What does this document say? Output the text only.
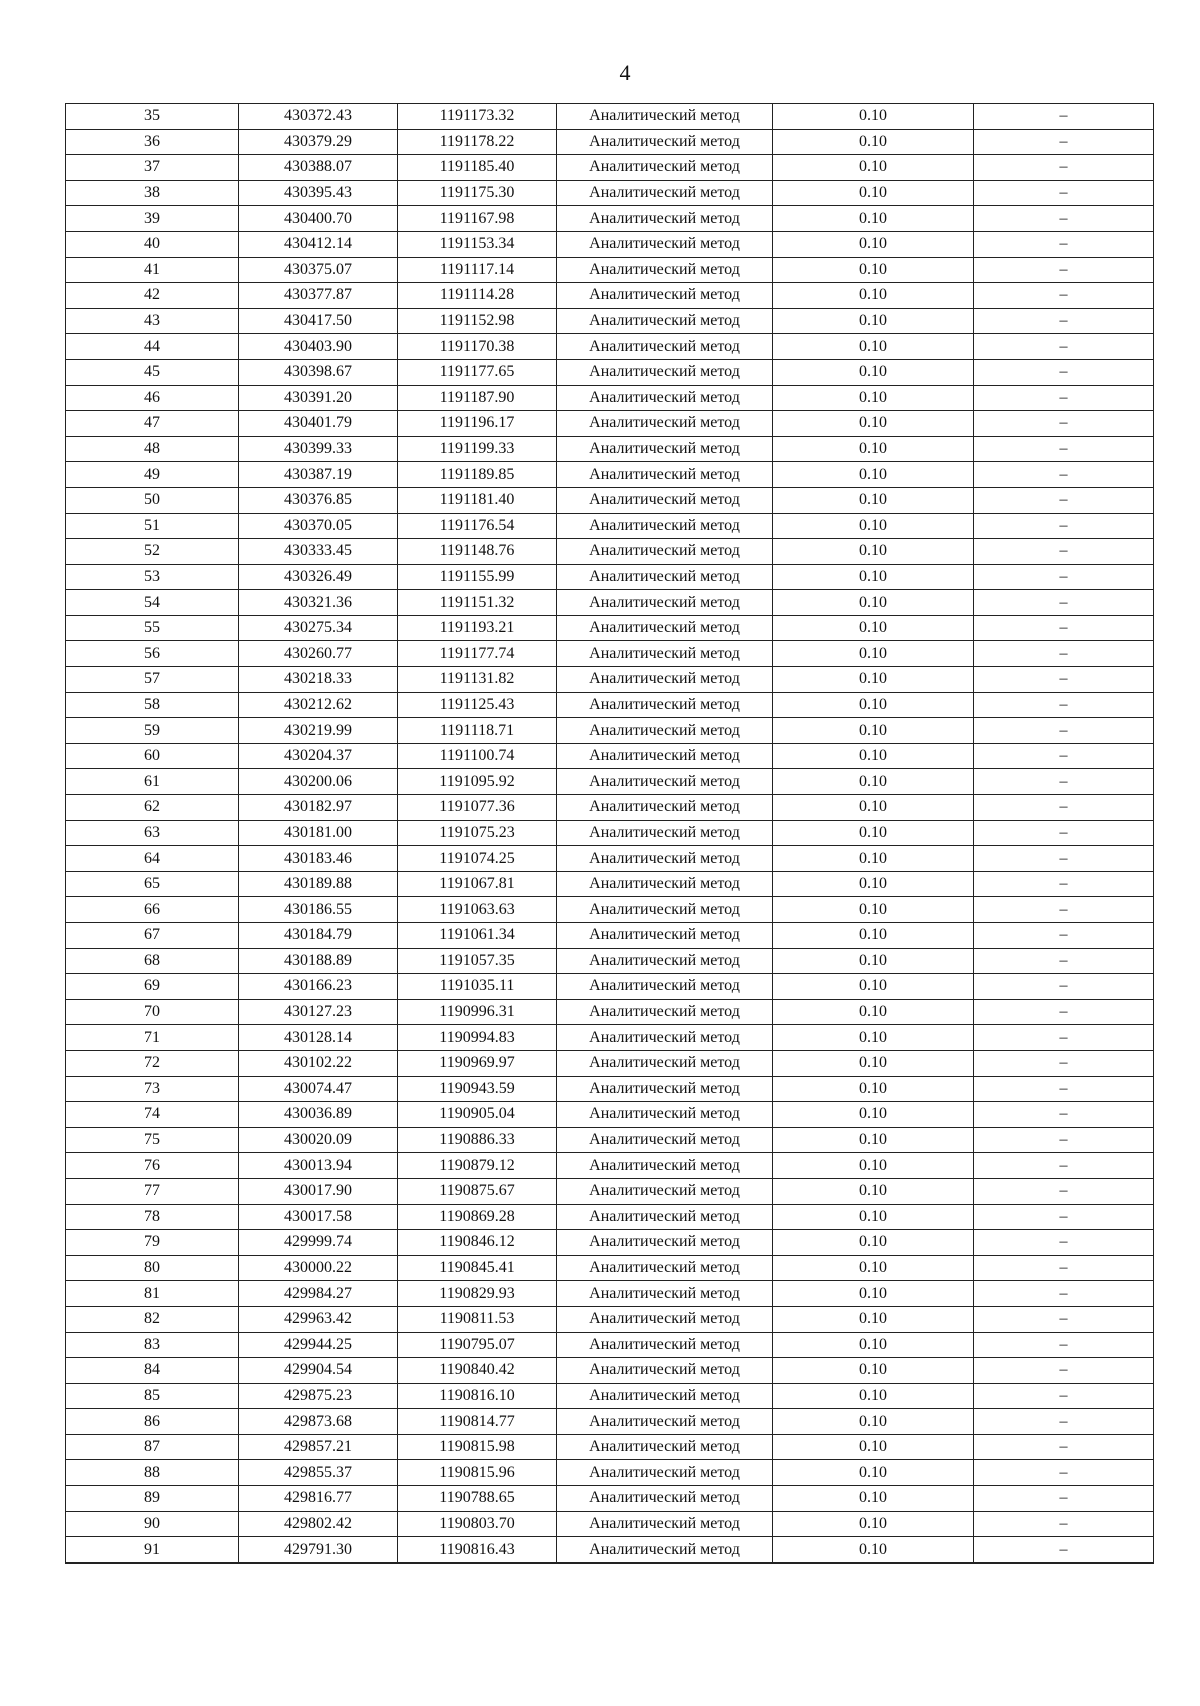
4
35	430372.43	1191173.32	Аналитический метод	0.10	–
36	430379.29	1191178.22	Аналитический метод	0.10	–
37	430388.07	1191185.40	Аналитический метод	0.10	–
38	430395.43	1191175.30	Аналитический метод	0.10	–
39	430400.70	1191167.98	Аналитический метод	0.10	–
40	430412.14	1191153.34	Аналитический метод	0.10	–
41	430375.07	1191117.14	Аналитический метод	0.10	–
42	430377.87	1191114.28	Аналитический метод	0.10	–
43	430417.50	1191152.98	Аналитический метод	0.10	–
44	430403.90	1191170.38	Аналитический метод	0.10	–
45	430398.67	1191177.65	Аналитический метод	0.10	–
46	430391.20	1191187.90	Аналитический метод	0.10	–
47	430401.79	1191196.17	Аналитический метод	0.10	–
48	430399.33	1191199.33	Аналитический метод	0.10	–
49	430387.19	1191189.85	Аналитический метод	0.10	–
50	430376.85	1191181.40	Аналитический метод	0.10	–
51	430370.05	1191176.54	Аналитический метод	0.10	–
52	430333.45	1191148.76	Аналитический метод	0.10	–
53	430326.49	1191155.99	Аналитический метод	0.10	–
54	430321.36	1191151.32	Аналитический метод	0.10	–
55	430275.34	1191193.21	Аналитический метод	0.10	–
56	430260.77	1191177.74	Аналитический метод	0.10	–
57	430218.33	1191131.82	Аналитический метод	0.10	–
58	430212.62	1191125.43	Аналитический метод	0.10	–
59	430219.99	1191118.71	Аналитический метод	0.10	–
60	430204.37	1191100.74	Аналитический метод	0.10	–
61	430200.06	1191095.92	Аналитический метод	0.10	–
62	430182.97	1191077.36	Аналитический метод	0.10	–
63	430181.00	1191075.23	Аналитический метод	0.10	–
64	430183.46	1191074.25	Аналитический метод	0.10	–
65	430189.88	1191067.81	Аналитический метод	0.10	–
66	430186.55	1191063.63	Аналитический метод	0.10	–
67	430184.79	1191061.34	Аналитический метод	0.10	–
68	430188.89	1191057.35	Аналитический метод	0.10	–
69	430166.23	1191035.11	Аналитический метод	0.10	–
70	430127.23	1190996.31	Аналитический метод	0.10	–
71	430128.14	1190994.83	Аналитический метод	0.10	–
72	430102.22	1190969.97	Аналитический метод	0.10	–
73	430074.47	1190943.59	Аналитический метод	0.10	–
74	430036.89	1190905.04	Аналитический метод	0.10	–
75	430020.09	1190886.33	Аналитический метод	0.10	–
76	430013.94	1190879.12	Аналитический метод	0.10	–
77	430017.90	1190875.67	Аналитический метод	0.10	–
78	430017.58	1190869.28	Аналитический метод	0.10	–
79	429999.74	1190846.12	Аналитический метод	0.10	–
80	430000.22	1190845.41	Аналитический метод	0.10	–
81	429984.27	1190829.93	Аналитический метод	0.10	–
82	429963.42	1190811.53	Аналитический метод	0.10	–
83	429944.25	1190795.07	Аналитический метод	0.10	–
84	429904.54	1190840.42	Аналитический метод	0.10	–
85	429875.23	1190816.10	Аналитический метод	0.10	–
86	429873.68	1190814.77	Аналитический метод	0.10	–
87	429857.21	1190815.98	Аналитический метод	0.10	–
88	429855.37	1190815.96	Аналитический метод	0.10	–
89	429816.77	1190788.65	Аналитический метод	0.10	–
90	429802.42	1190803.70	Аналитический метод	0.10	–
91	429791.30	1190816.43	Аналитический метод	0.10	–
